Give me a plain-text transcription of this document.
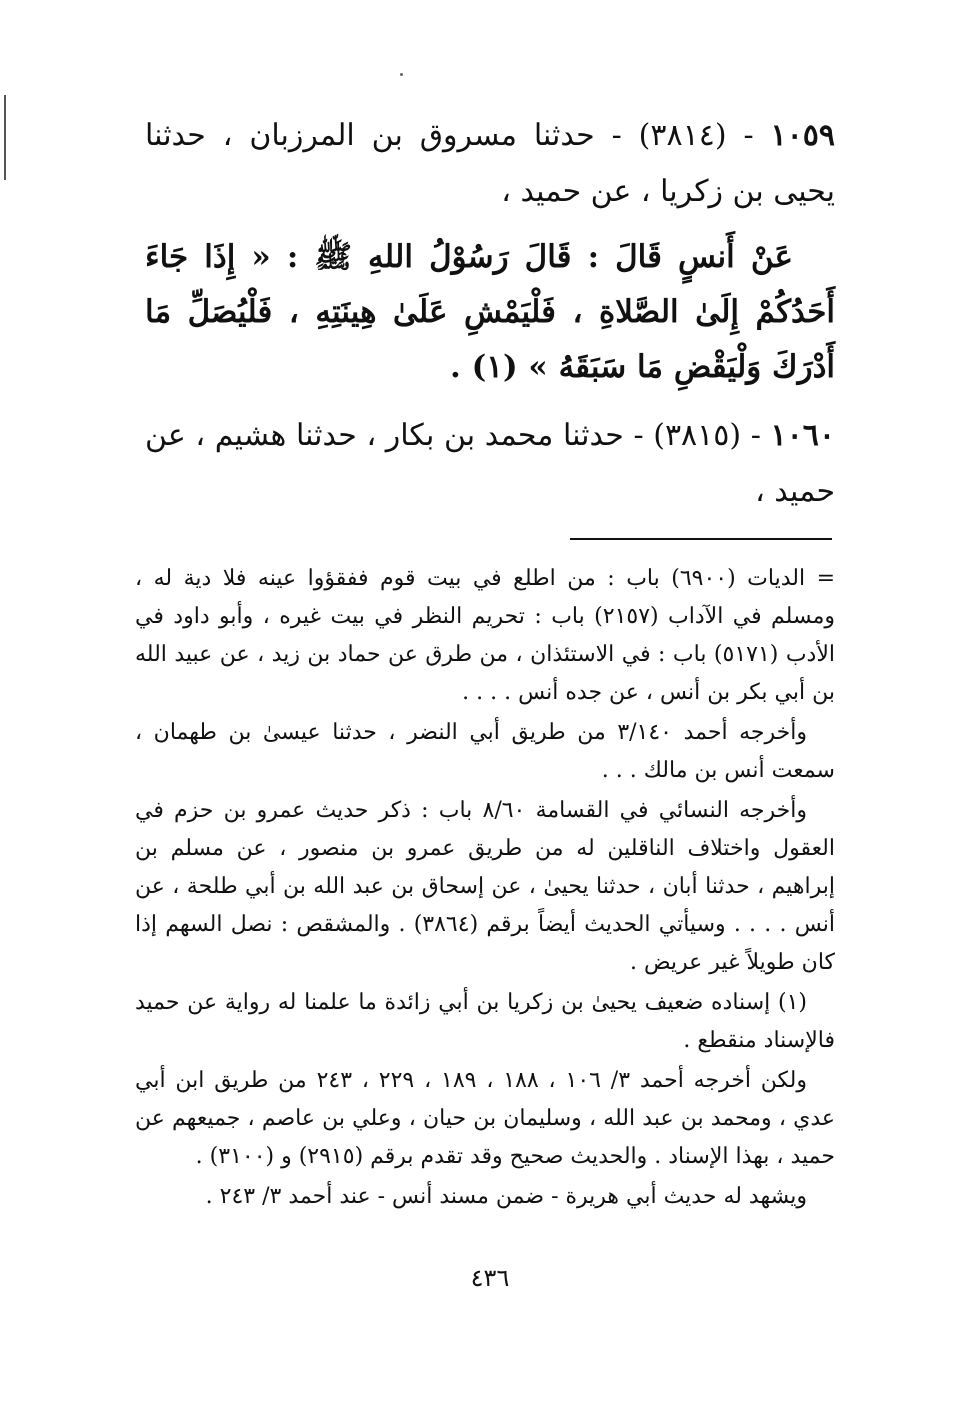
١٠٥٩ - (٣٨١٤) - حدثنا مسروق بن المرزبان ، حدثنا يحيى بن زكريا ، عن حميد ،
عَنْ أَنسٍ قَالَ : قَالَ رَسُوْلُ اللهِ ﷺ : « إِذَا جَاءَ أَحَدُكُمْ إِلَىٰ الصَّلاةِ ، فَلْيَمْشِ عَلَىٰ هِينَتِهِ ، فَلْيُصَلِّ مَا أَدْرَكَ وَلْيَقْضِ مَا سَبَقَهُ » (١) .
١٠٦٠ - (٣٨١٥) - حدثنا محمد بن بكار ، حدثنا هشيم ، عن حميد ،

= الديات (٦٩٠٠) باب : من اطلع في بيت قوم ففقؤوا عينه فلا دية له ، ومسلم في الآداب (٢١٥٧) باب : تحريم النظر في بيت غيره ، وأبو داود في الأدب (٥١٧١) باب : في الاستئذان ، من طرق عن حماد بن زيد ، عن عبيد الله بن أبي بكر بن أنس ، عن جده أنس . . . .

وأخرجه أحمد ٣/١٤٠ من طريق أبي النضر ، حدثنا عيسىٰ بن طهمان ، سمعت أنس بن مالك . . .

وأخرجه النسائي في القسامة ٨/٦٠ باب : ذكر حديث عمرو بن حزم في العقول واختلاف الناقلين له من طريق عمرو بن منصور ، عن مسلم بن إبراهيم ، حدثنا أبان ، حدثنا يحيىٰ ، عن إسحاق بن عبد الله بن أبي طلحة ، عن أنس . . . . وسيأتي الحديث أيضاً برقم (٣٨٦٤) . والمشقص : نصل السهم إذا كان طويلاً غير عريض .

(١) إسناده ضعيف يحيىٰ بن زكريا بن أبي زائدة ما علمنا له رواية عن حميد فالإسناد منقطع .

ولكن أخرجه أحمد ٣/ ١٠٦ ، ١٨٨ ، ١٨٩ ، ٢٢٩ ، ٢٤٣ من طريق ابن أبي عدي ، ومحمد بن عبد الله ، وسليمان بن حيان ، وعلي بن عاصم ، جميعهم عن حميد ، بهذا الإسناد . والحديث صحيح وقد تقدم برقم (٢٩١٥) و (٣١٠٠) .

ويشهد له حديث أبي هريرة - ضمن مسند أنس - عند أحمد ٣/ ٢٤٣ .

٤٣٦
